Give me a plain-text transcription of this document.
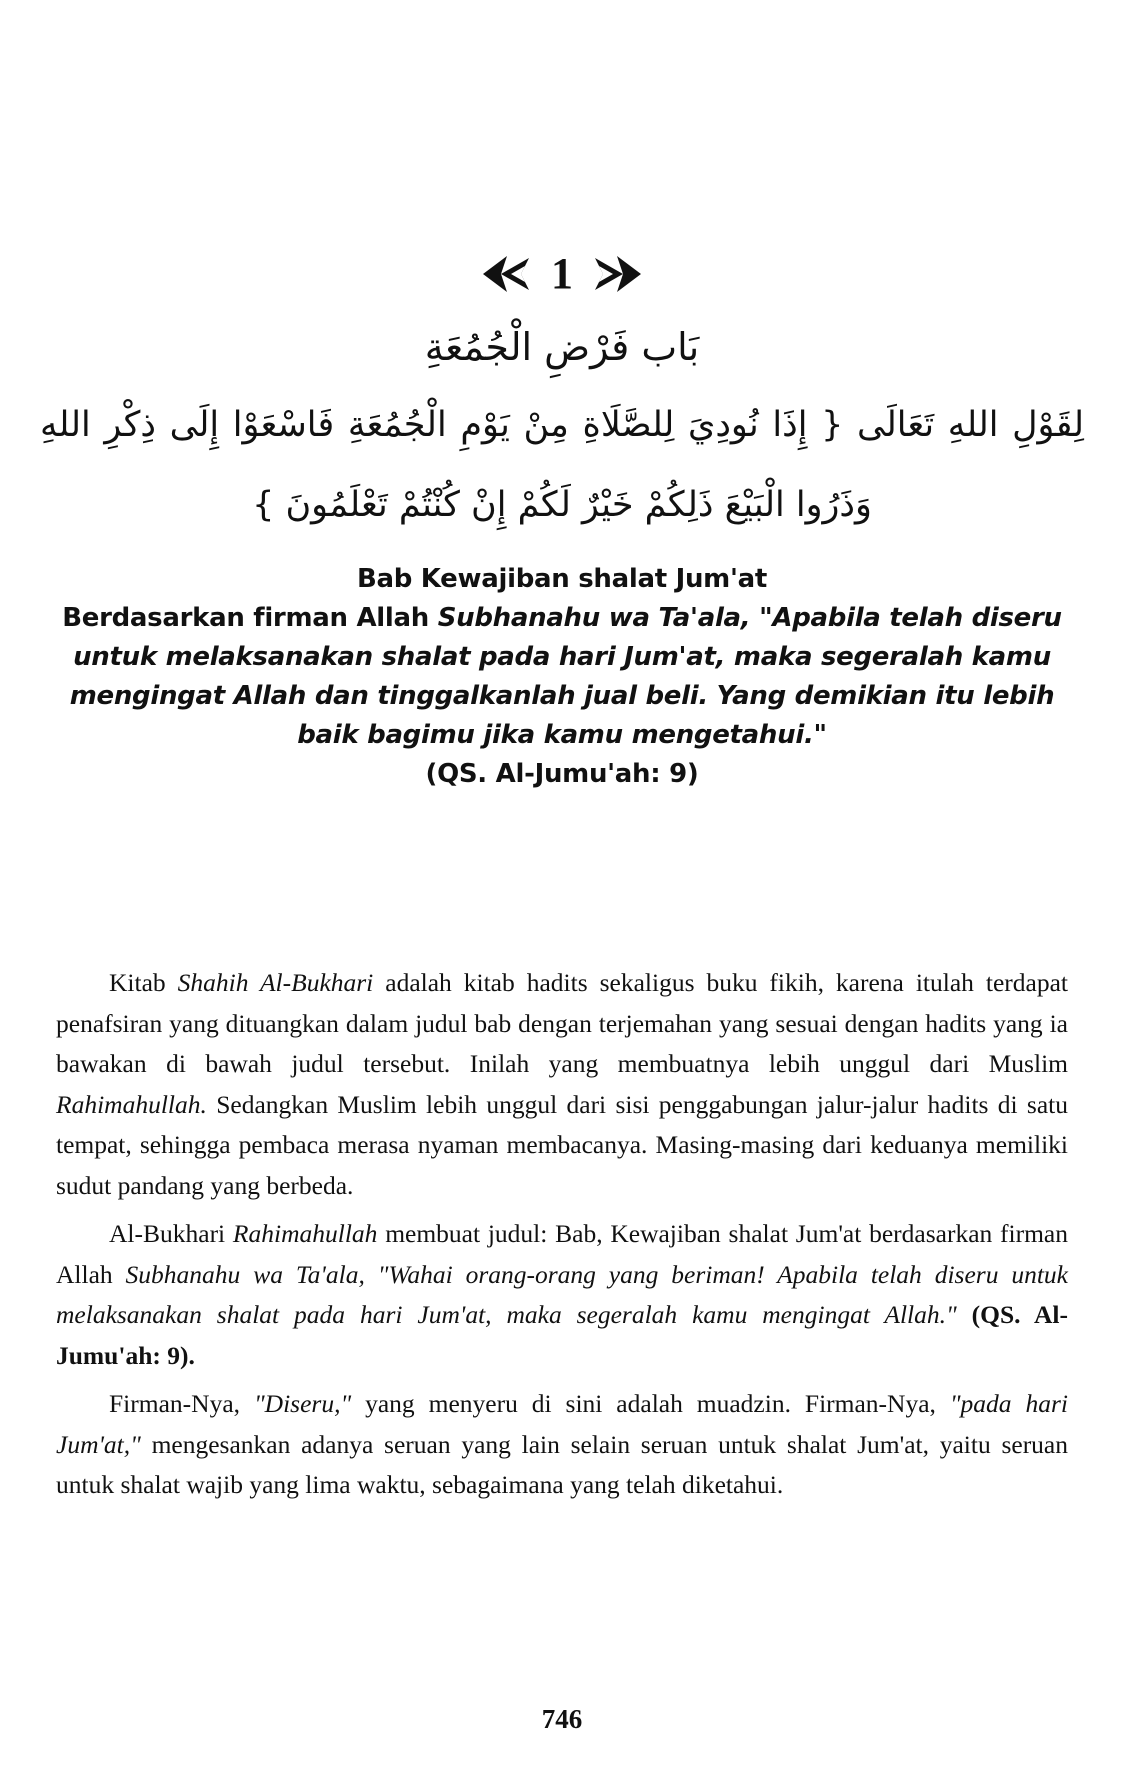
1
بَاب فَرْضِ الْجُمُعَةِ
لِقَوْلِ اللهِ تَعَالَى { إِذَا نُودِيَ لِلصَّلَاةِ مِنْ يَوْمِ الْجُمُعَةِ فَاسْعَوْا إِلَى ذِكْرِ اللهِ
وَذَرُوا الْبَيْعَ ذَلِكُمْ خَيْرٌ لَكُمْ إِنْ كُنْتُمْ تَعْلَمُونَ }
Bab Kewajiban shalat Jum'at
Berdasarkan firman Allah Subhanahu wa Ta'ala, "Apabila telah diseru untuk melaksanakan shalat pada hari Jum'at, maka segeralah kamu mengingat Allah dan tinggalkanlah jual beli. Yang demikian itu lebih baik bagimu jika kamu mengetahui."
(QS. Al-Jumu'ah: 9)

Kitab Shahih Al-Bukhari adalah kitab hadits sekaligus buku fikih, karena itulah terdapat penafsiran yang dituangkan dalam judul bab dengan terjemahan yang sesuai dengan hadits yang ia bawakan di bawah judul tersebut. Inilah yang membuatnya lebih unggul dari Muslim Rahimahullah. Sedangkan Muslim lebih unggul dari sisi penggabungan jalur-jalur hadits di satu tempat, sehingga pembaca merasa nyaman membacanya. Masing-masing dari keduanya memiliki sudut pandang yang berbeda.

Al-Bukhari Rahimahullah membuat judul: Bab, Kewajiban shalat Jum'at berdasarkan firman Allah Subhanahu wa Ta'ala, "Wahai orang-orang yang beriman! Apabila telah diseru untuk melaksanakan shalat pada hari Jum'at, maka segeralah kamu mengingat Allah." (QS. Al-Jumu'ah: 9).

Firman-Nya, "Diseru," yang menyeru di sini adalah muadzin. Firman-Nya, "pada hari Jum'at," mengesankan adanya seruan yang lain selain seruan untuk shalat Jum'at, yaitu seruan untuk shalat wajib yang lima waktu, sebagaimana yang telah diketahui.

746
